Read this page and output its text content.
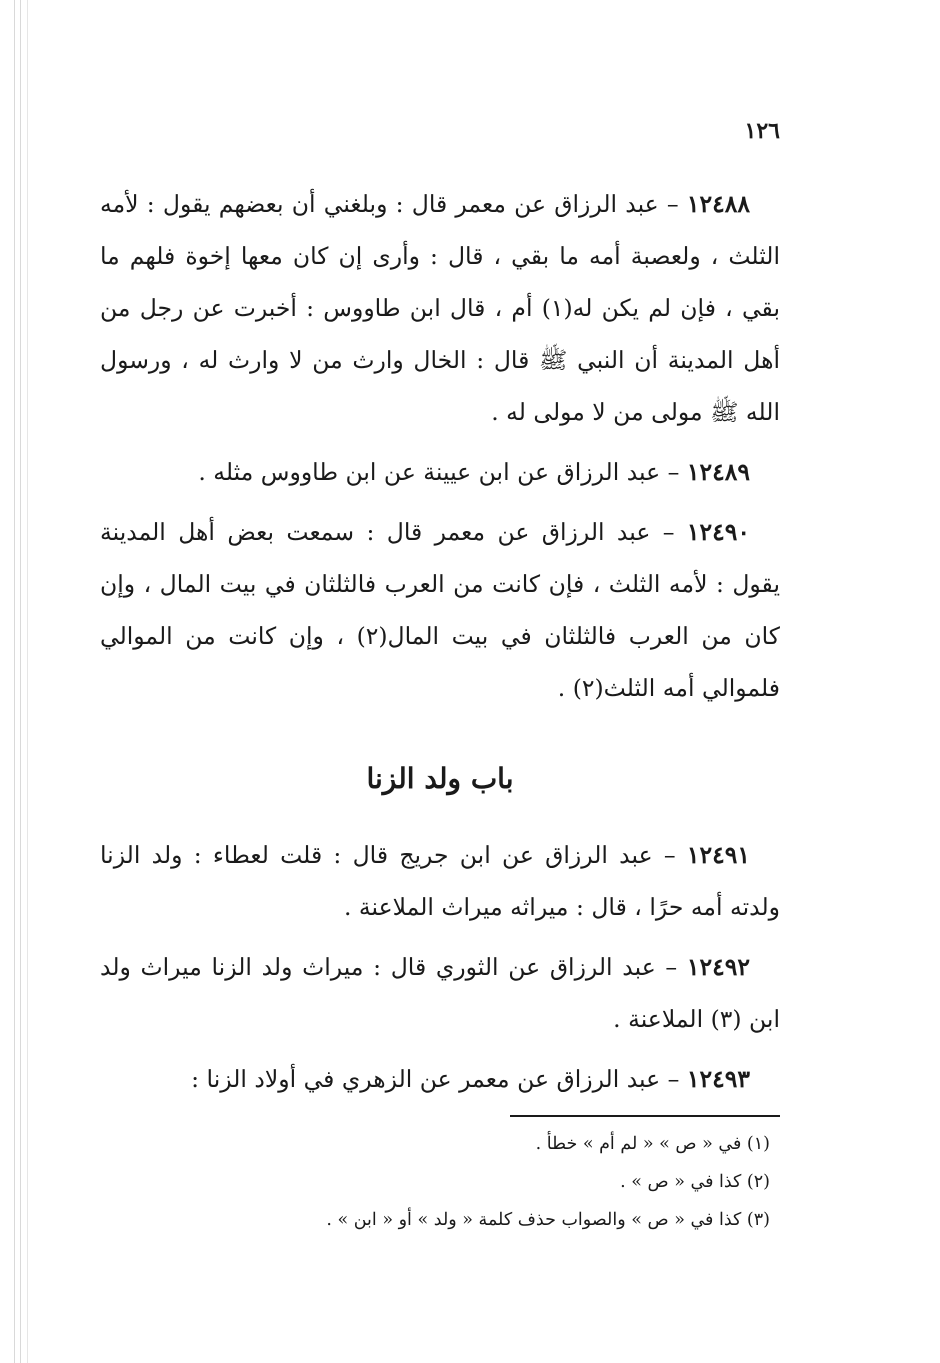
١٢٦

١٢٤٨٨ – عبد الرزاق عن معمر قال : وبلغني أن بعضهم يقول : لأمه الثلث ، ولعصبة أمه ما بقي ، قال : وأرى إن كان معها إخوة فلهم ما بقي ، فإن لم يكن له(١) أم ، قال ابن طاووس : أخبرت عن رجل من أهل المدينة أن النبي ﷺ قال : الخال وارث من لا وارث له ، ورسول الله ﷺ مولى من لا مولى له .

١٢٤٨٩ – عبد الرزاق عن ابن عيينة عن ابن طاووس مثله .

١٢٤٩٠ – عبد الرزاق عن معمر قال : سمعت بعض أهل المدينة يقول : لأمه الثلث ، فإن كانت من العرب فالثلثان في بيت المال ، وإن كان من العرب فالثلثان في بيت المال(٢) ، وإن كانت من الموالي فلموالي أمه الثلث(٢) .

باب ولد الزنا

١٢٤٩١ – عبد الرزاق عن ابن جريج قال : قلت لعطاء : ولد الزنا ولدته أمه حرًا ، قال : ميراثه ميراث الملاعنة .

١٢٤٩٢ – عبد الرزاق عن الثوري قال : ميراث ولد الزنا ميراث ولد ابن (٣) الملاعنة .

١٢٤٩٣ – عبد الرزاق عن معمر عن الزهري في أولاد الزنا :

(١) في « ص » « لم أم » خطأ .

(٢) كذا في « ص » .

(٣) كذا في « ص » والصواب حذف كلمة « ولد » أو « ابن » .
